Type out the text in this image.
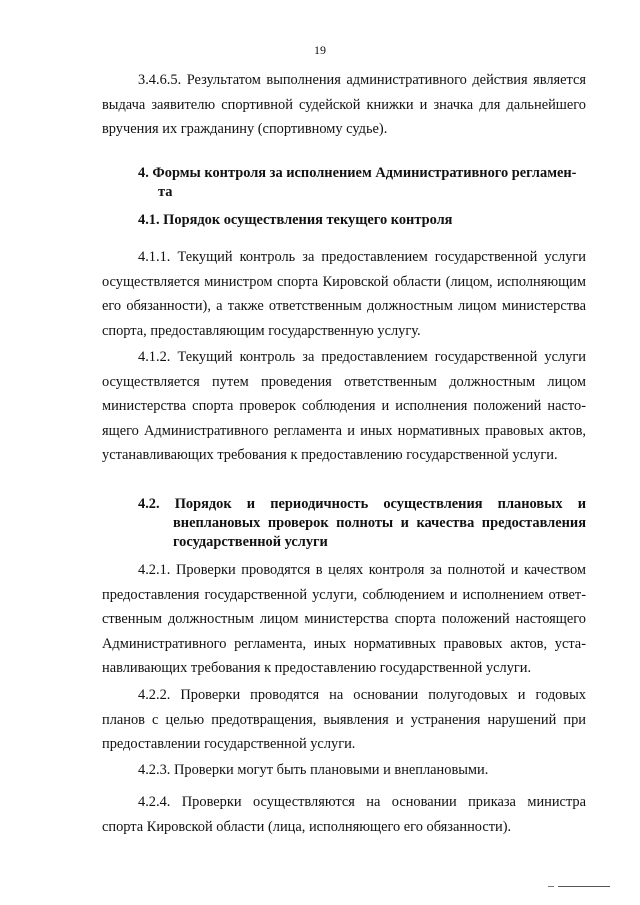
19
3.4.6.5. Результатом выполнения административного действия является
выдача заявителю спортивной судейской книжки и значка для дальнейшего
вручения их гражданину (спортивному судье).
4. Формы контроля за исполнением Административного регламен-
та
4.1. Порядок осуществления текущего контроля
4.1.1. Текущий контроль за предоставлением государственной услуги
осуществляется министром спорта Кировской области (лицом, исполняющим
его обязанности), а также ответственным должностным лицом министерства
спорта, предоставляющим государственную услугу.
4.1.2. Текущий контроль за предоставлением государственной услуги
осуществляется путем проведения ответственным должностным лицом
министерства спорта проверок соблюдения и исполнения положений насто-
ящего Административного регламента и иных нормативных правовых актов,
устанавливающих требования к предоставлению государственной услуги.
4.2. Порядок и периодичность осуществления плановых и
внеплановых проверок полноты и качества предоставления
государственной услуги
4.2.1. Проверки проводятся в целях контроля за полнотой и качеством
предоставления государственной услуги, соблюдением и исполнением ответ-
ственным должностным лицом министерства спорта положений настоящего
Административного регламента, иных нормативных правовых актов, уста-
навливающих требования к предоставлению государственной услуги.
4.2.2. Проверки проводятся на основании полугодовых и годовых
планов с целью предотвращения, выявления и устранения нарушений при
предоставлении государственной услуги.
4.2.3. Проверки могут быть плановыми и внеплановыми.
4.2.4. Проверки осуществляются на основании приказа министра
спорта Кировской области (лица, исполняющего его обязанности).
